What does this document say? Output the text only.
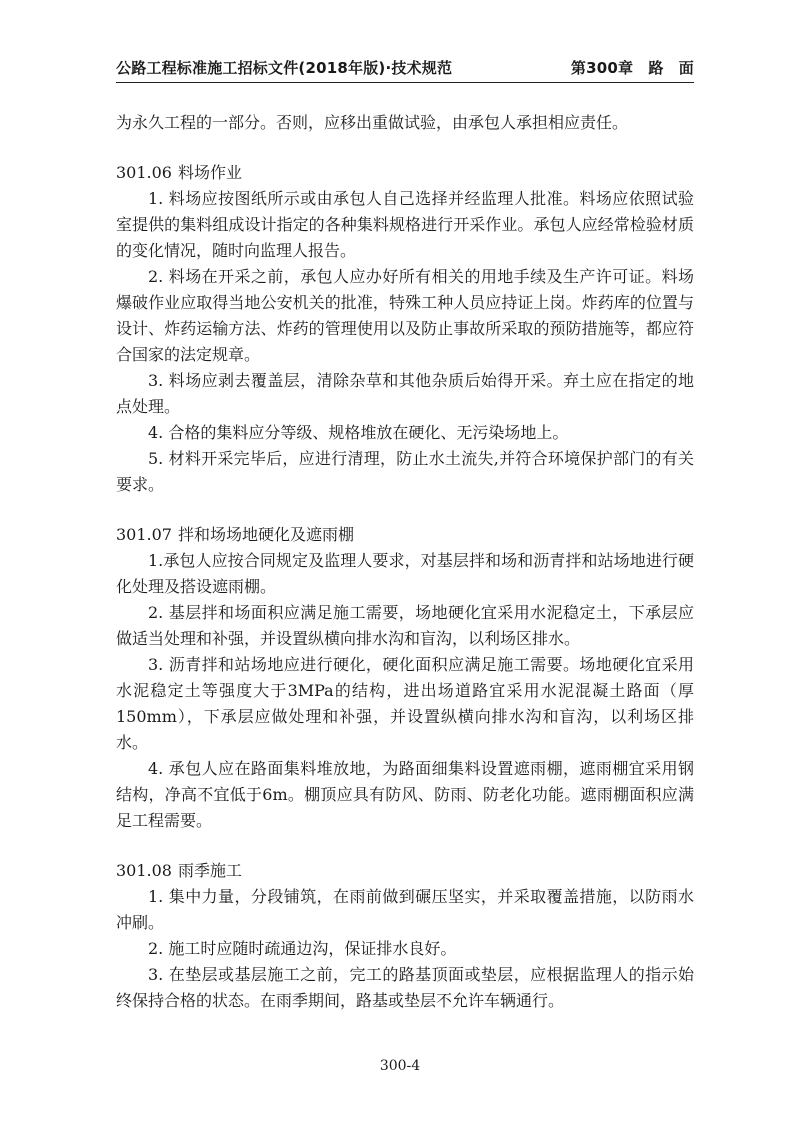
公路工程标准施工招标文件(2018年版)·技术规范	第300章　路　面

为永久工程的一部分。否则，应移出重做试验，由承包人承担相应责任。

301.06 料场作业

1. 料场应按图纸所示或由承包人自己选择并经监理人批准。料场应依照试验室提供的集料组成设计指定的各种集料规格进行开采作业。承包人应经常检验材质的变化情况，随时向监理人报告。

2. 料场在开采之前，承包人应办好所有相关的用地手续及生产许可证。料场爆破作业应取得当地公安机关的批准，特殊工种人员应持证上岗。炸药库的位置与设计、炸药运输方法、炸药的管理使用以及防止事故所采取的预防措施等，都应符合国家的法定规章。

3. 料场应剥去覆盖层，清除杂草和其他杂质后始得开采。弃土应在指定的地点处理。

4. 合格的集料应分等级、规格堆放在硬化、无污染场地上。

5. 材料开采完毕后，应进行清理，防止水土流失,并符合环境保护部门的有关要求。

301.07 拌和场场地硬化及遮雨棚

1.承包人应按合同规定及监理人要求，对基层拌和场和沥青拌和站场地进行硬化处理及搭设遮雨棚。

2. 基层拌和场面积应满足施工需要，场地硬化宜采用水泥稳定土，下承层应做适当处理和补强，并设置纵横向排水沟和盲沟，以利场区排水。

3. 沥青拌和站场地应进行硬化，硬化面积应满足施工需要。场地硬化宜采用水泥稳定土等强度大于3MPa的结构，进出场道路宜采用水泥混凝土路面（厚150mm），下承层应做处理和补强，并设置纵横向排水沟和盲沟，以利场区排水。

4. 承包人应在路面集料堆放地，为路面细集料设置遮雨棚，遮雨棚宜采用钢结构，净高不宜低于6m。棚顶应具有防风、防雨、防老化功能。遮雨棚面积应满足工程需要。

301.08 雨季施工

1. 集中力量，分段铺筑，在雨前做到碾压坚实，并采取覆盖措施，以防雨水冲刷。

2. 施工时应随时疏通边沟，保证排水良好。

3. 在垫层或基层施工之前，完工的路基顶面或垫层，应根据监理人的指示始终保持合格的状态。在雨季期间，路基或垫层不允许车辆通行。

300-4
